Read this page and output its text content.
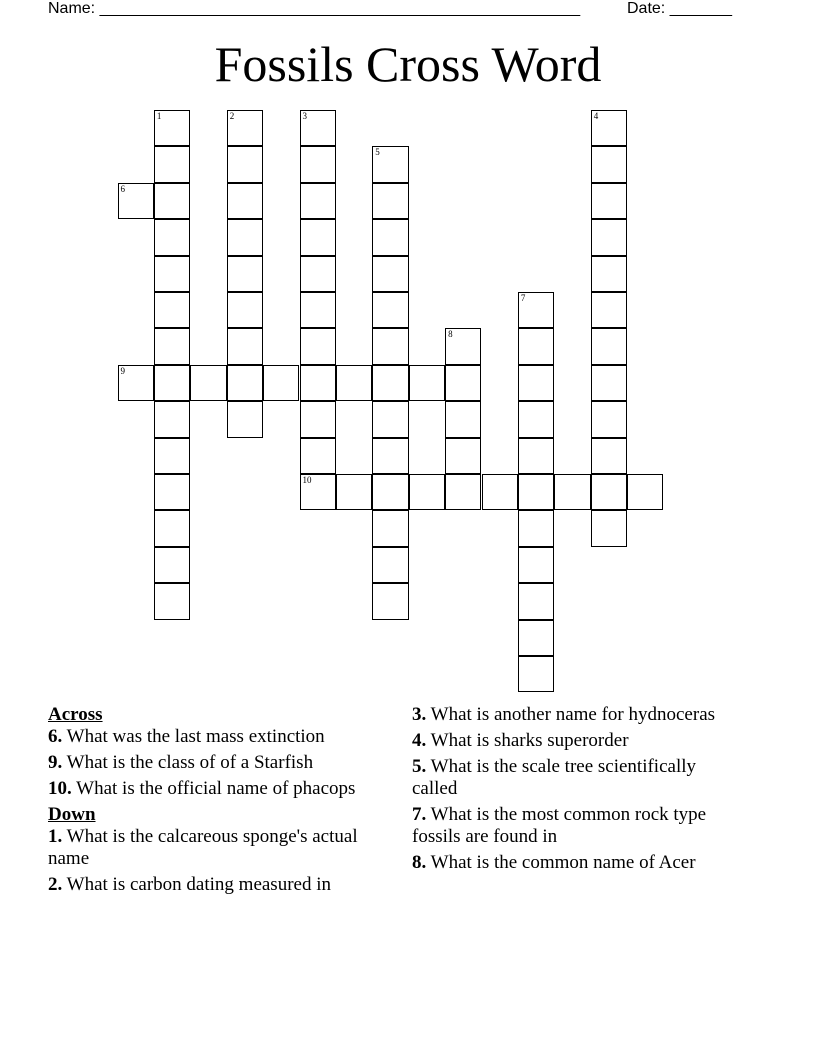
Name: ______________________________________________________	Date: _______
Fossils Cross Word
1	2	3
10
4
5
6
7
8
9

Across

6. What was the last mass extinction

9. What is the class of of a Starfish

10. What is the official name of phacops

Down

1. What is the calcareous sponge's actual name

2. What is carbon dating measured in

3. What is another name for hydnoceras

4. What is sharks superorder

5. What is the scale tree scientifically called

7. What is the most common rock type fossils are found in

8. What is the common name of Acer
